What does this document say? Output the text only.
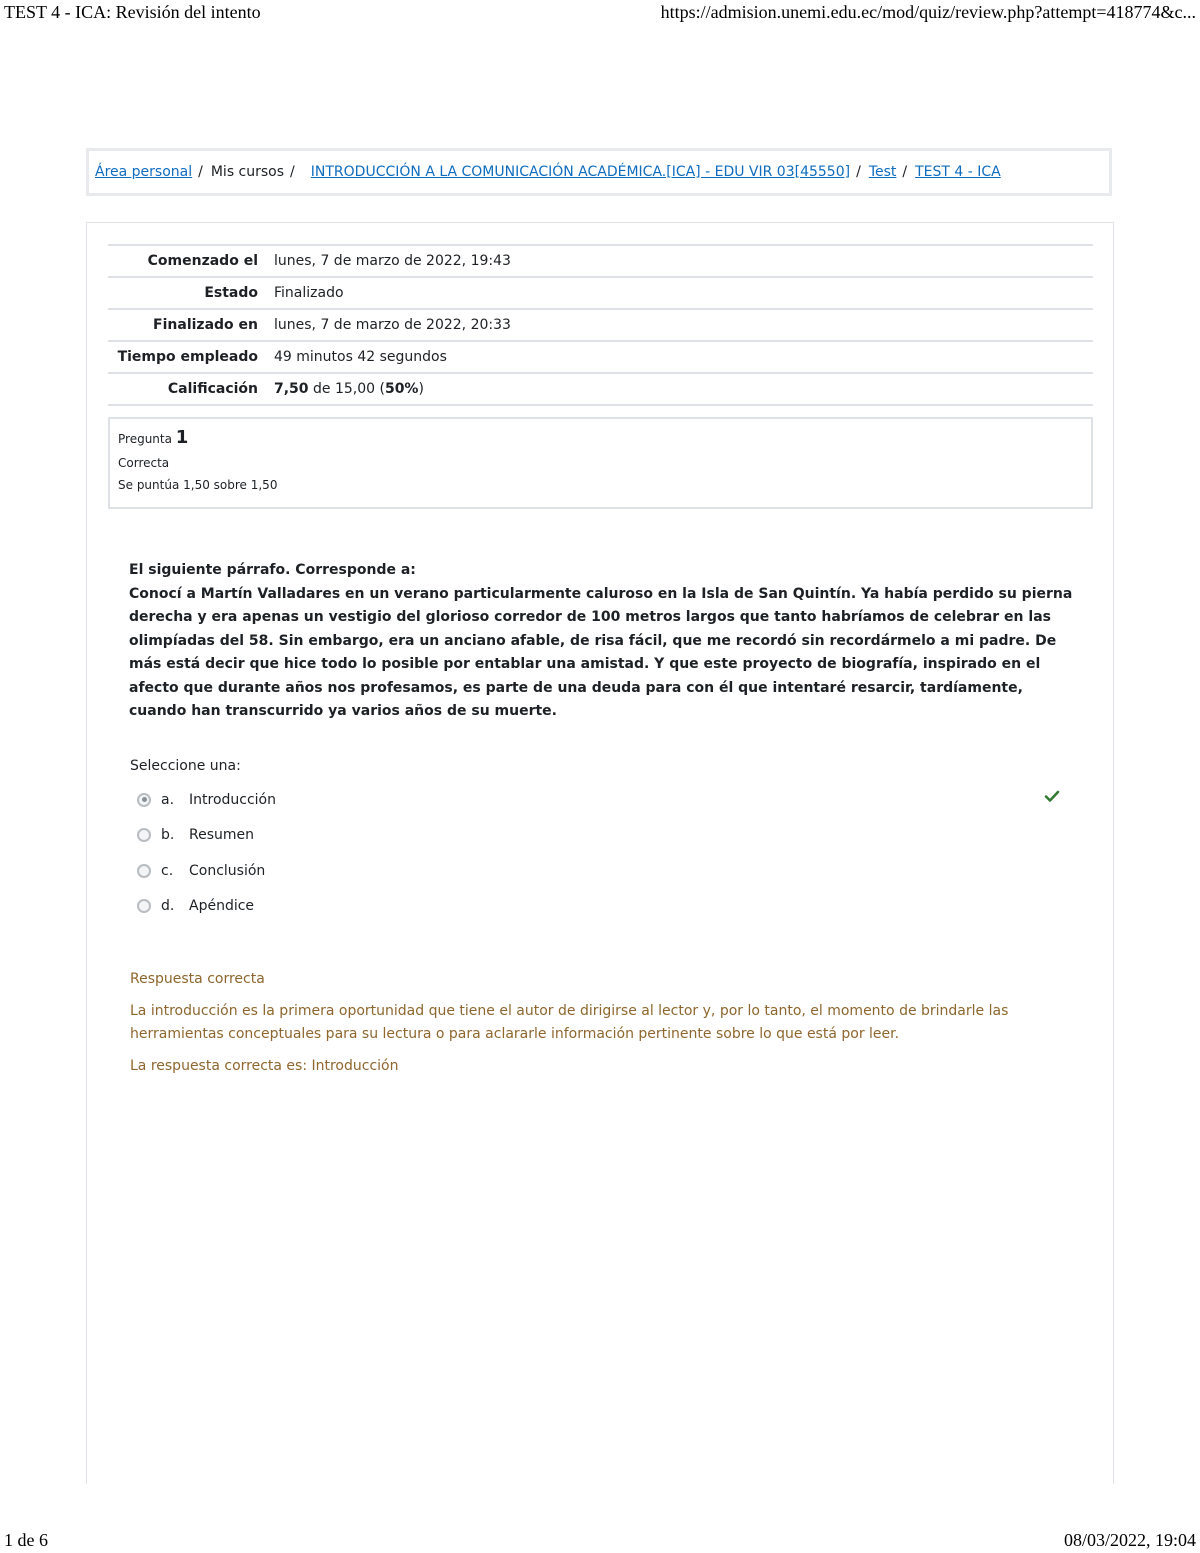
TEST 4 - ICA: Revisión del intento	https://admision.unemi.edu.ec/mod/quiz/review.php?attempt=418774&c...
Área personal / Mis cursos / INTRODUCCIÓN A LA COMUNICACIÓN ACADÉMICA.[ICA] - EDU VIR 03[45550] / Test / TEST 4 - ICA
Comenzado el	lunes, 7 de marzo de 2022, 19:43
Estado	Finalizado
Finalizado en	lunes, 7 de marzo de 2022, 20:33
Tiempo empleado	49 minutos 42 segundos
Calificación	7,50 de 15,00 (50%)
Pregunta 1
Correcta
Se puntúa 1,50 sobre 1,50
El siguiente párrafo. Corresponde a:
Conocí a Martín Valladares en un verano particularmente caluroso en la Isla de San Quintín. Ya había perdido su pierna derecha y era apenas un vestigio del glorioso corredor de 100 metros largos que tanto habríamos de celebrar en las olimpíadas del 58. Sin embargo, era un anciano afable, de risa fácil, que me recordó sin recordármelo a mi padre. De más está decir que hice todo lo posible por entablar una amistad. Y que este proyecto de biografía, inspirado en el afecto que durante años nos profesamos, es parte de una deuda para con él que intentaré resarcir, tardíamente, cuando han transcurrido ya varios años de su muerte.
Seleccione una:
a.	Introducción
b.	Resumen
c.	Conclusión
d.	Apéndice

Respuesta correcta

La introducción es la primera oportunidad que tiene el autor de dirigirse al lector y, por lo tanto, el momento de brindarle las herramientas conceptuales para su lectura o para aclararle información pertinente sobre lo que está por leer.

La respuesta correcta es: Introducción

1 de 6	08/03/2022, 19:04
